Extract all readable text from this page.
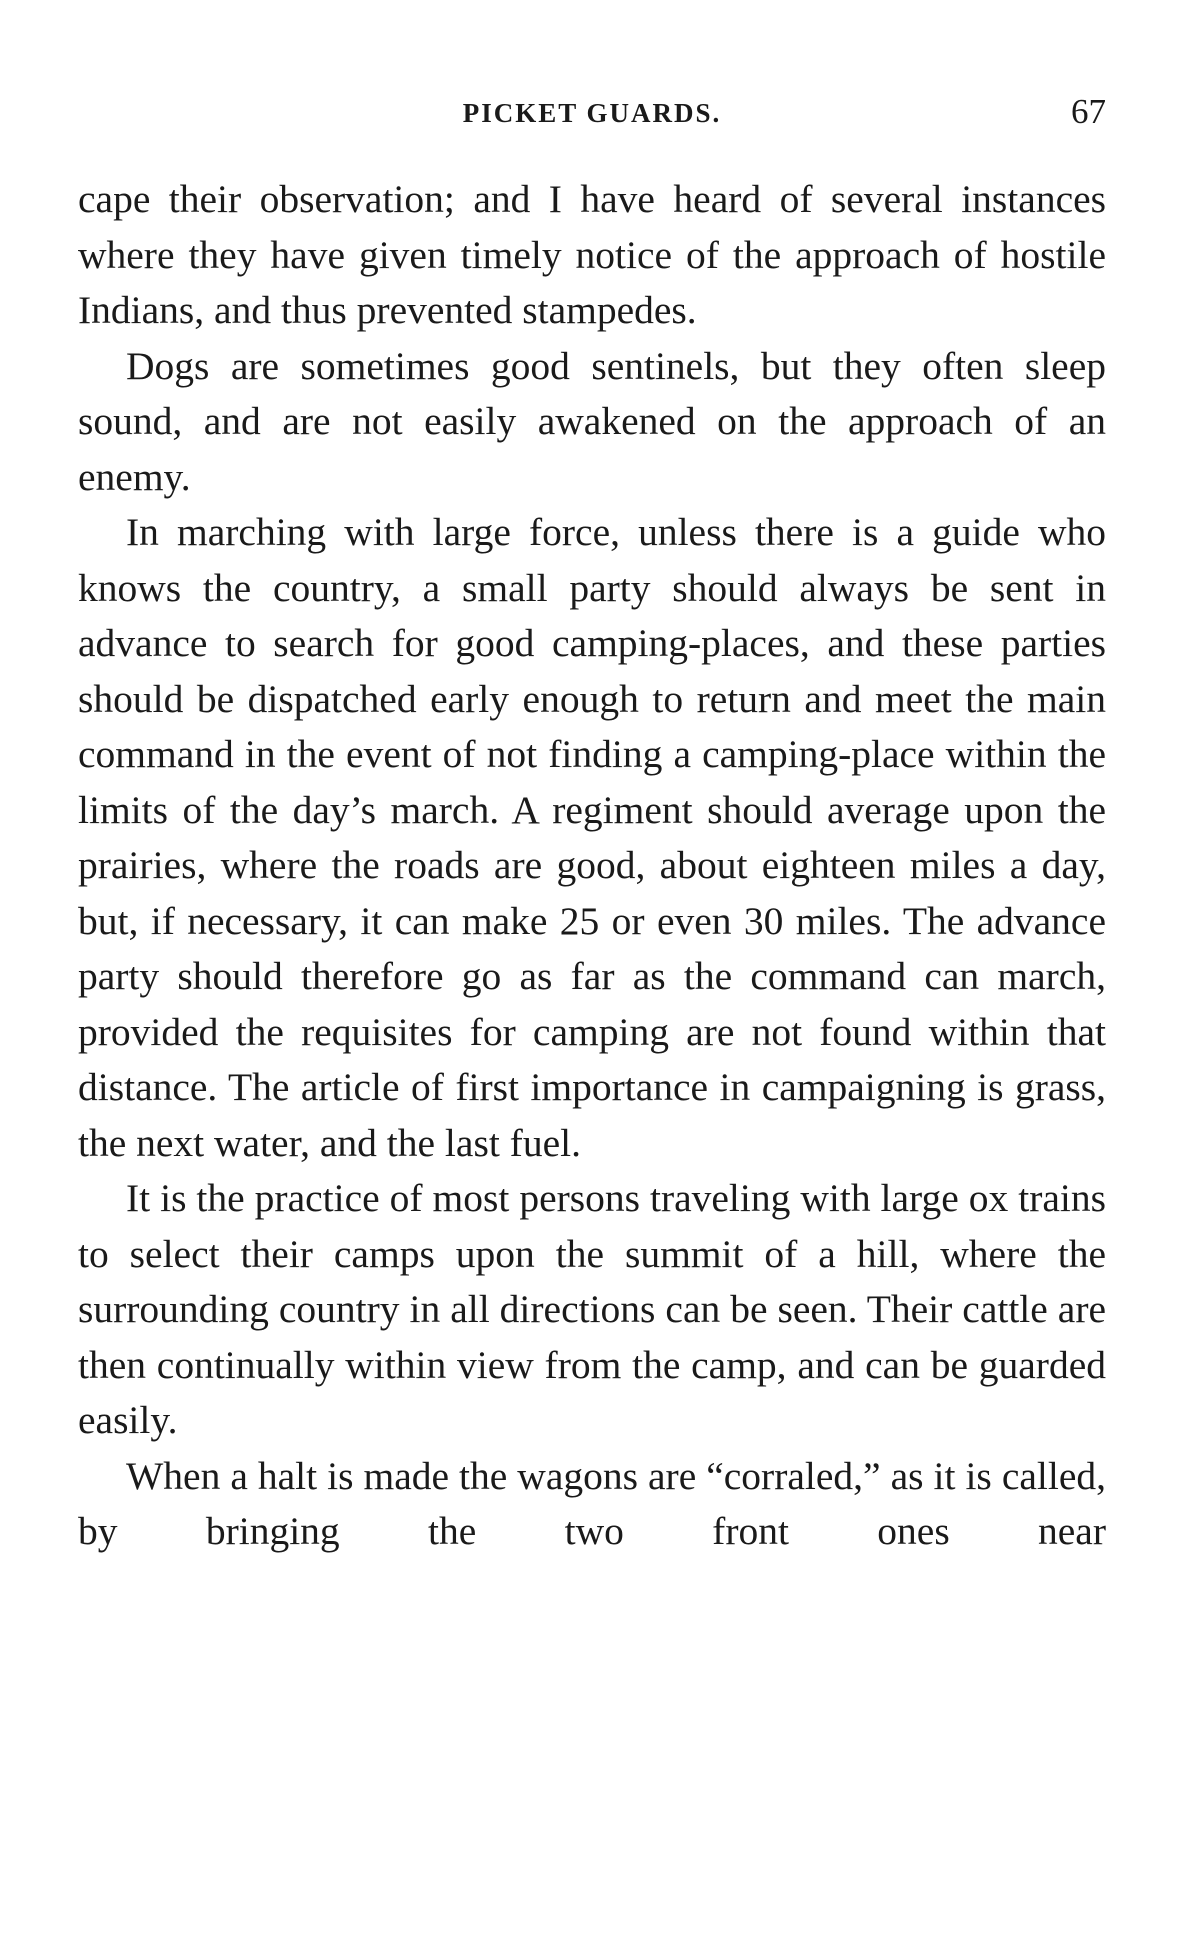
PICKET GUARDS.	67

cape their observation; and I have heard of several instances where they have given timely notice of the approach of hostile Indians, and thus prevented stampedes.

Dogs are sometimes good sentinels, but they often sleep sound, and are not easily awakened on the approach of an enemy.

In marching with large force, unless there is a guide who knows the country, a small party should always be sent in advance to search for good camping-places, and these parties should be dispatched early enough to return and meet the main command in the event of not finding a camping-place within the limits of the day’s march. A regiment should average upon the prairies, where the roads are good, about eighteen miles a day, but, if necessary, it can make 25 or even 30 miles. The advance party should therefore go as far as the command can march, provided the requisites for camping are not found within that distance. The article of first importance in campaigning is grass, the next water, and the last fuel.

It is the practice of most persons traveling with large ox trains to select their camps upon the summit of a hill, where the surrounding country in all directions can be seen. Their cattle are then continually within view from the camp, and can be guarded easily.

When a halt is made the wagons are “corraled,” as it is called, by bringing the two front ones near
